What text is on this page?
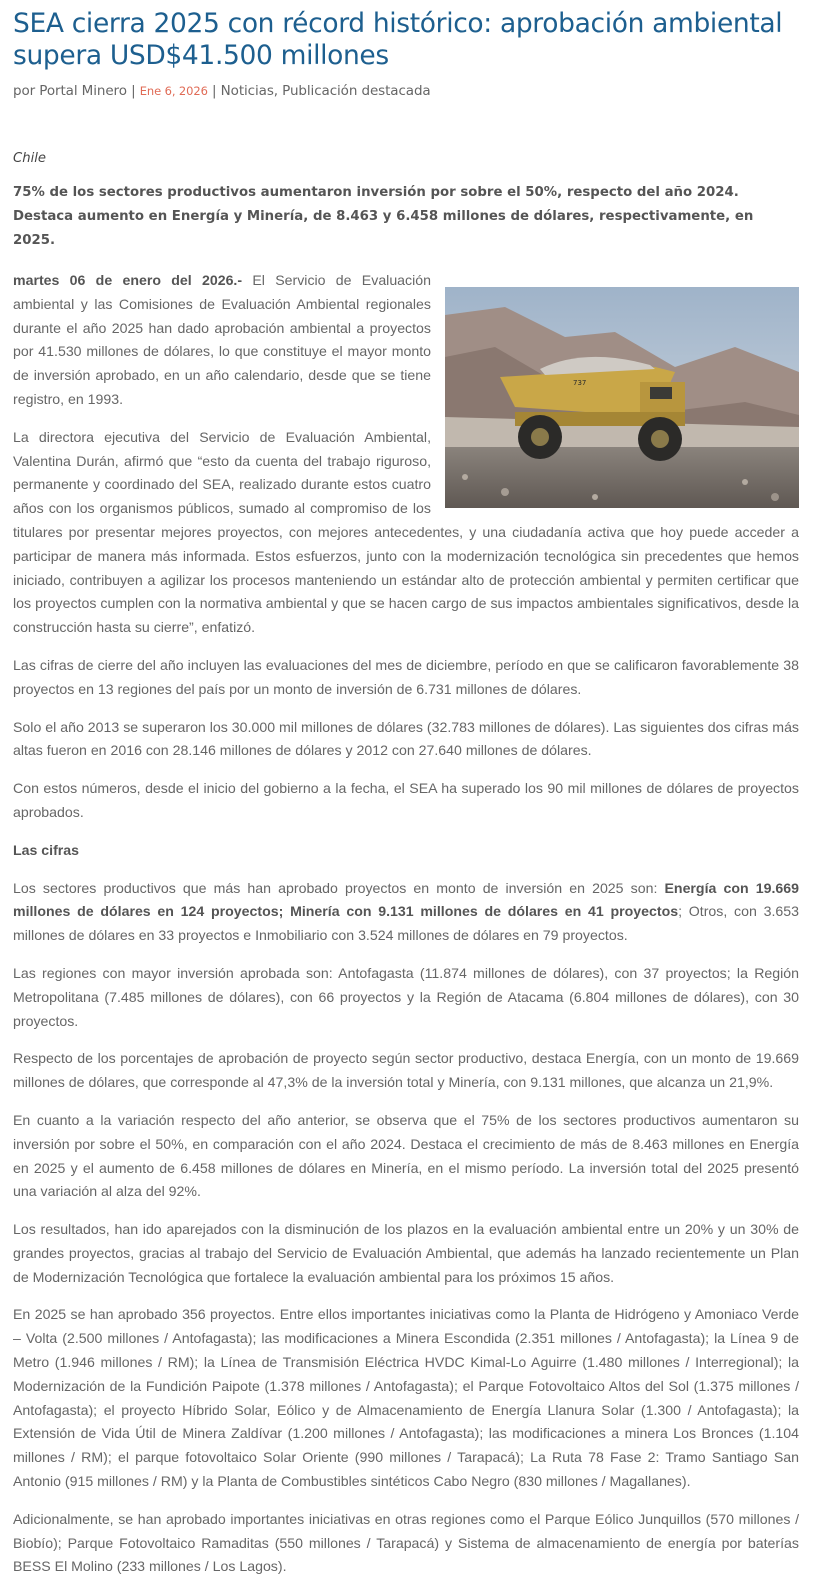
SEA cierra 2025 con récord histórico: aprobación ambiental supera USD$41.500 millones
por Portal Minero | Ene 6, 2026 | Noticias, Publicación destacada
Chile

75% de los sectores productivos aumentaron inversión por sobre el 50%, respecto del año 2024. Destaca aumento en Energía y Minería, de 8.463 y 6.458 millones de dólares, respectivamente, en 2025.

737

martes 06 de enero del 2026.- El Servicio de Evaluación ambiental y las Comisiones de Evaluación Ambiental regionales durante el año 2025 han dado aprobación ambiental a proyectos por 41.530 millones de dólares, lo que constituye el mayor monto de inversión aprobado, en un año calendario, desde que se tiene registro, en 1993.

La directora ejecutiva del Servicio de Evaluación Ambiental, Valentina Durán, afirmó que “esto da cuenta del trabajo riguroso, permanente y coordinado del SEA, realizado durante estos cuatro años con los organismos públicos, sumado al compromiso de los titulares por presentar mejores proyectos, con mejores antecedentes, y una ciudadanía activa que hoy puede acceder a participar de manera más informada. Estos esfuerzos, junto con la modernización tecnológica sin precedentes que hemos iniciado, contribuyen a agilizar los procesos manteniendo un estándar alto de protección ambiental y permiten certificar que los proyectos cumplen con la normativa ambiental y que se hacen cargo de sus impactos ambientales significativos, desde la construcción hasta su cierre”, enfatizó.

Las cifras de cierre del año incluyen las evaluaciones del mes de diciembre, período en que se calificaron favorablemente 38 proyectos en 13 regiones del país por un monto de inversión de 6.731 millones de dólares.

Solo el año 2013 se superaron los 30.000 mil millones de dólares (32.783 millones de dólares). Las siguientes dos cifras más altas fueron en 2016 con 28.146 millones de dólares y 2012 con 27.640 millones de dólares.

Con estos números, desde el inicio del gobierno a la fecha, el SEA ha superado los 90 mil millones de dólares de proyectos aprobados.

Las cifras

Los sectores productivos que más han aprobado proyectos en monto de inversión en 2025 son: Energía con 19.669 millones de dólares en 124 proyectos; Minería con 9.131 millones de dólares en 41 proyectos; Otros, con 3.653 millones de dólares en 33 proyectos e Inmobiliario con 3.524 millones de dólares en 79 proyectos.

Las regiones con mayor inversión aprobada son: Antofagasta (11.874 millones de dólares), con 37 proyectos; la Región Metropolitana (7.485 millones de dólares), con 66 proyectos y la Región de Atacama (6.804 millones de dólares), con 30 proyectos.

Respecto de los porcentajes de aprobación de proyecto según sector productivo, destaca Energía, con un monto de 19.669 millones de dólares, que corresponde al 47,3% de la inversión total y Minería, con 9.131 millones, que alcanza un 21,9%.

En cuanto a la variación respecto del año anterior, se observa que el 75% de los sectores productivos aumentaron su inversión por sobre el 50%, en comparación con el año 2024. Destaca el crecimiento de más de 8.463 millones en Energía en 2025 y el aumento de 6.458 millones de dólares en Minería, en el mismo período. La inversión total del 2025 presentó una variación al alza del 92%.

Los resultados, han ido aparejados con la disminución de los plazos en la evaluación ambiental entre un 20% y un 30% de grandes proyectos, gracias al trabajo del Servicio de Evaluación Ambiental, que además ha lanzado recientemente un Plan de Modernización Tecnológica que fortalece la evaluación ambiental para los próximos 15 años.

En 2025 se han aprobado 356 proyectos. Entre ellos importantes iniciativas como la Planta de Hidrógeno y Amoniaco Verde – Volta (2.500 millones / Antofagasta); las modificaciones a Minera Escondida (2.351 millones / Antofagasta); la Línea 9 de Metro (1.946 millones / RM); la Línea de Transmisión Eléctrica HVDC Kimal-Lo Aguirre (1.480 millones / Interregional); la Modernización de la Fundición Paipote (1.378 millones / Antofagasta); el Parque Fotovoltaico Altos del Sol (1.375 millones / Antofagasta); el proyecto Híbrido Solar, Eólico y de Almacenamiento de Energía Llanura Solar (1.300 / Antofagasta); la Extensión de Vida Útil de Minera Zaldívar (1.200 millones / Antofagasta); las modificaciones a minera Los Bronces (1.104 millones / RM); el parque fotovoltaico Solar Oriente (990 millones / Tarapacá); La Ruta 78 Fase 2: Tramo Santiago San Antonio (915 millones / RM) y la Planta de Combustibles sintéticos Cabo Negro (830 millones / Magallanes).

Adicionalmente, se han aprobado importantes iniciativas en otras regiones como el Parque Eólico Junquillos (570 millones / Biobío); Parque Fotovoltaico Ramaditas (550 millones / Tarapacá) y Sistema de almacenamiento de energía por baterías BESS El Molino (233 millones / Los Lagos).
